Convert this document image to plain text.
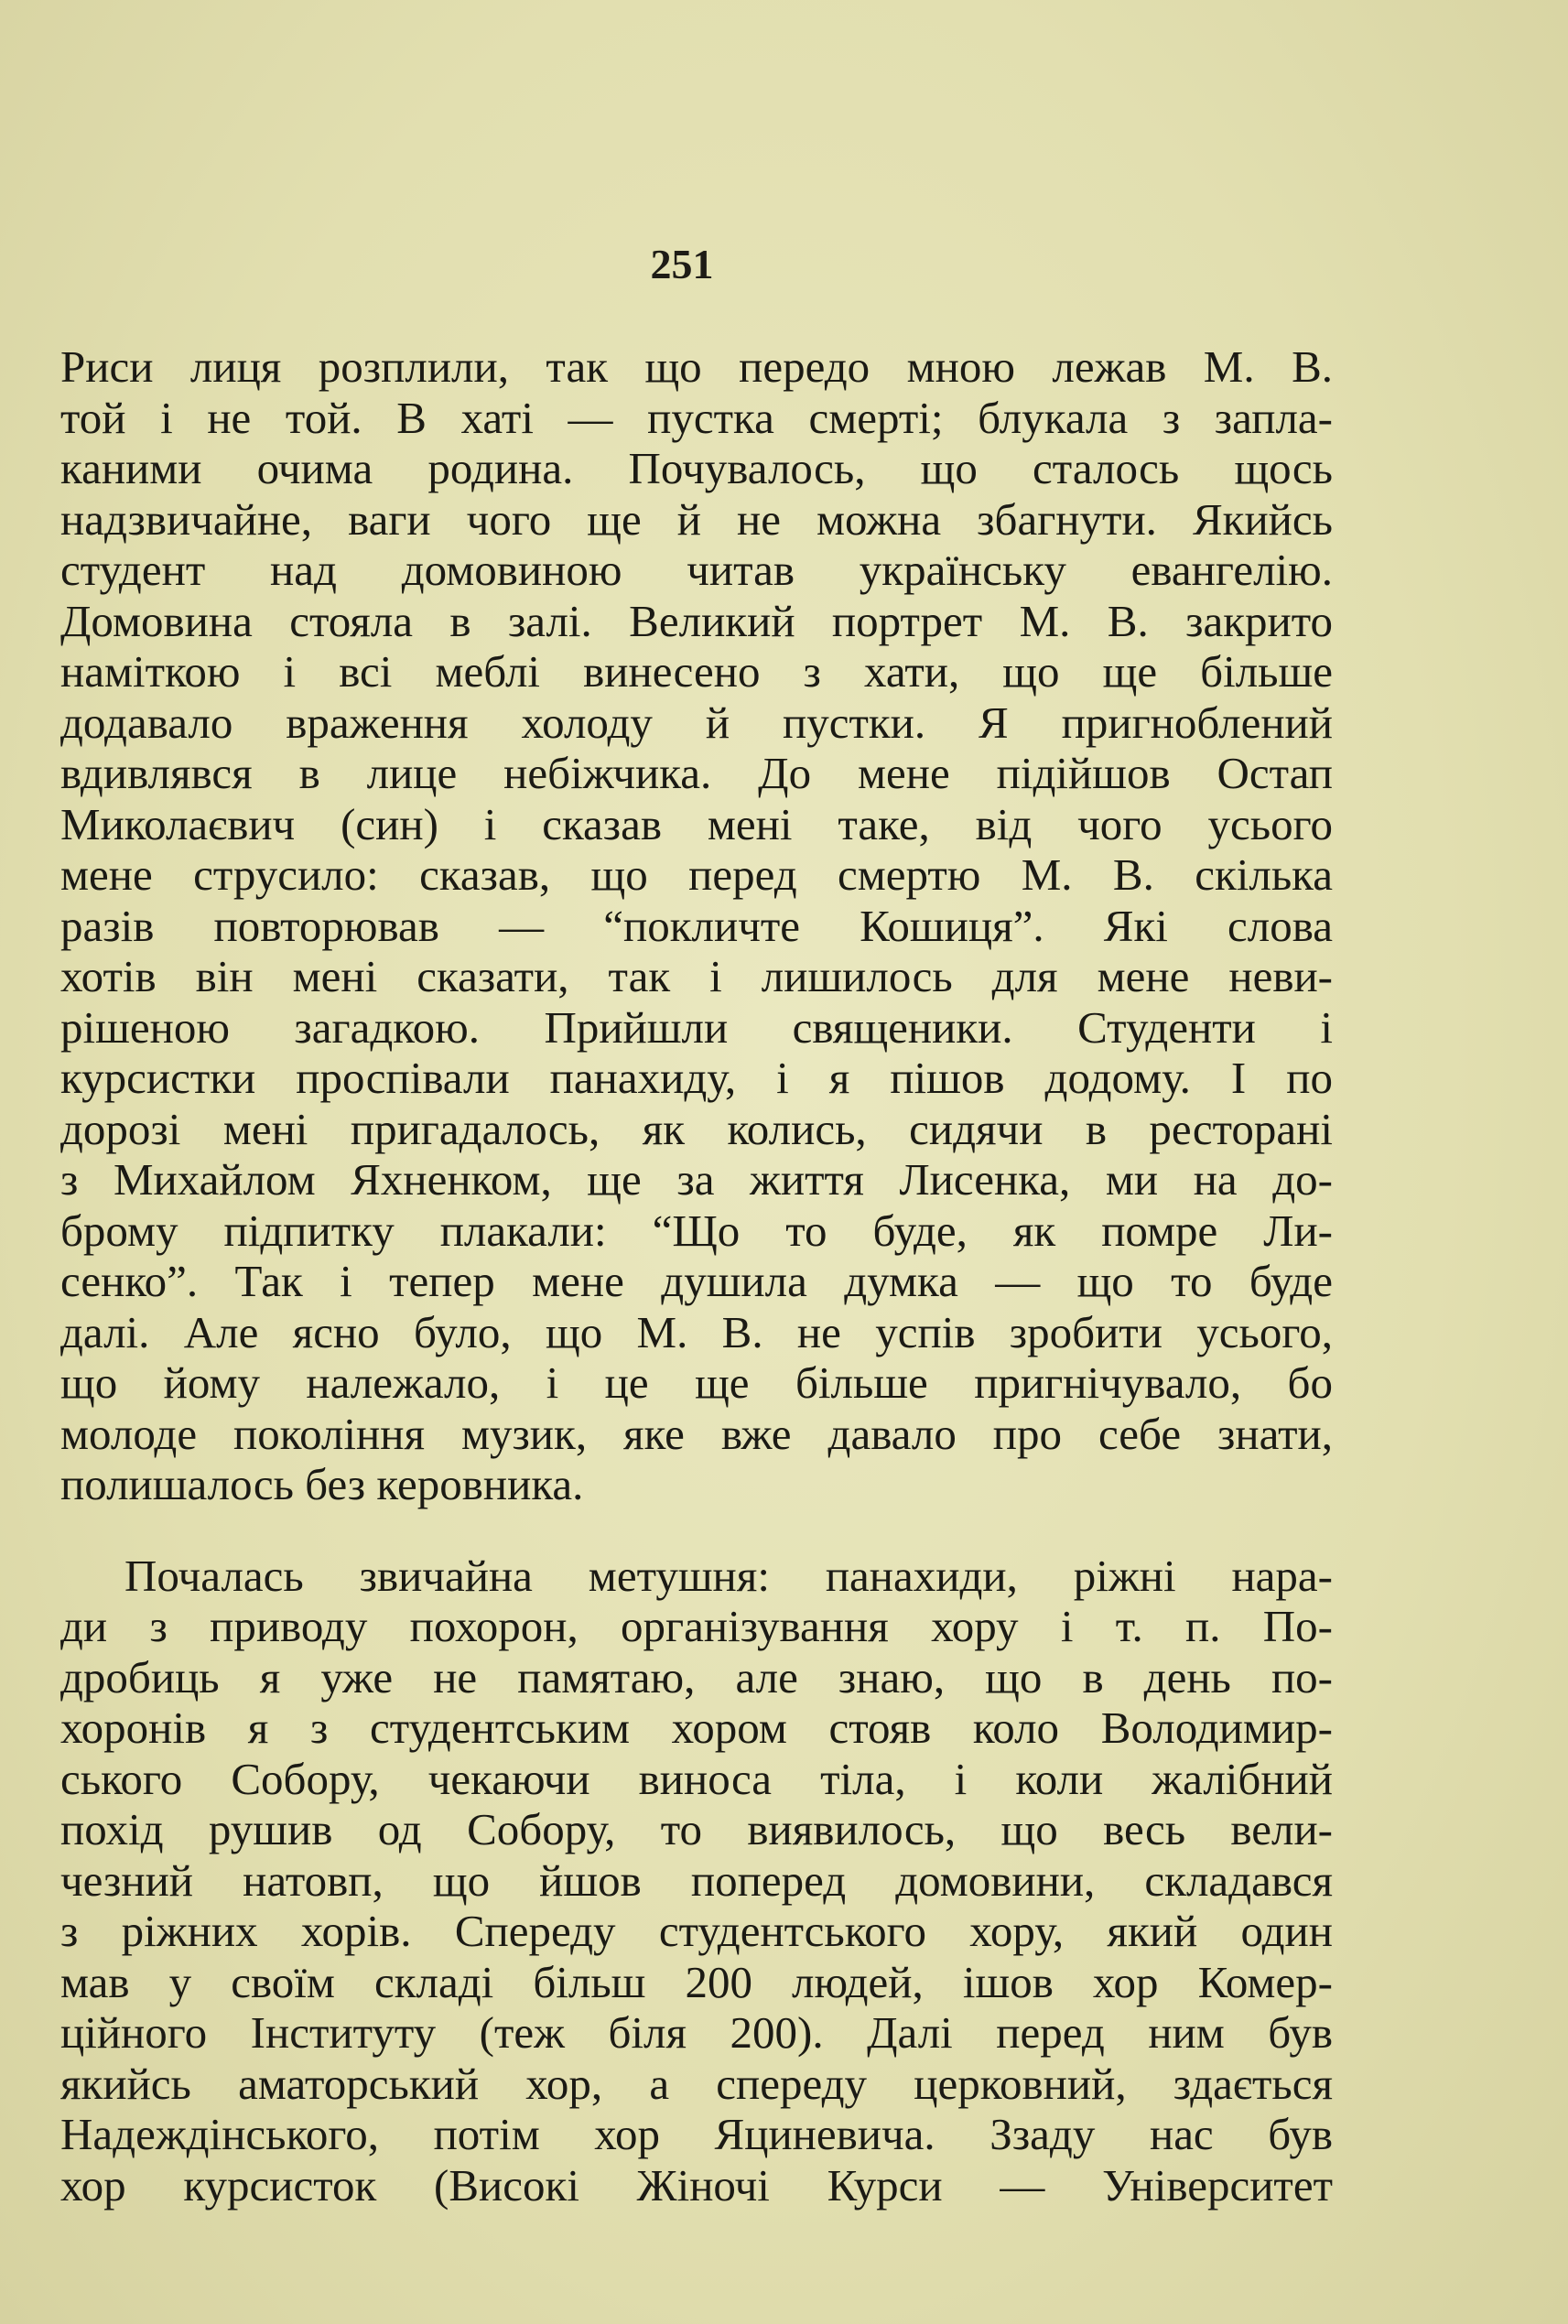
251
Риси лиця розплили, так що передо мною лежав М. В.
той і не той. В хаті — пустка смерті; блукала з запла-
каними очима родина. Почувалось, що сталось щось
надзвичайне, ваги чого ще й не можна збагнути. Якийсь
студент над домовиною читав українську евангелію.
Домовина стояла в залі. Великий портрет М. В. закрито
наміткою і всі меблі винесено з хати, що ще більше
додавало враження холоду й пустки. Я пригноблений
вдивлявся в лице небіжчика. До мене підійшов Остап
Миколаєвич (син) і сказав мені таке, від чого усього
мене струсило: сказав, що перед смертю М. В. скілька
разів повторював — “покличте Кошиця”. Які слова
хотів він мені сказати, так і лишилось для мене неви-
рішеною загадкою. Прийшли священики. Студенти і
курсистки проспівали панахиду, і я пішов додому. І по
дорозі мені пригадалось, як колись, сидячи в ресторані
з Михайлом Яхненком, ще за життя Лисенка, ми на до-
брому підпитку плакали: “Що то буде, як помре Ли-
сенко”. Так і тепер мене душила думка — що то буде
далі. Але ясно було, що М. В. не успів зробити усього,
що йому належало, і це ще більше пригнічувало, бо
молоде покоління музик, яке вже давало про себе знати,
полишалось без керовника.
Почалась звичайна метушня: панахиди, ріжні нара-
ди з приводу похорон, організування хору і т. п. По-
дробиць я уже не памятаю, але знаю, що в день по-
хоронів я з студентським хором стояв коло Володимир-
ського Собору, чекаючи виноса тіла, і коли жалібний
похід рушив од Собору, то виявилось, що весь вели-
чезний натовп, що йшов поперед домовини, складався
з ріжних хорів. Спереду студентського хору, який один
мав у своїм складі більш 200 людей, ішов хор Комер-
ційного Інституту (теж біля 200). Далі перед ним був
якийсь аматорський хор, а спереду церковний, здається
Надеждінського, потім хор Яциневича. Ззаду нас був
хор курсисток (Високі Жіночі Курси — Університет
